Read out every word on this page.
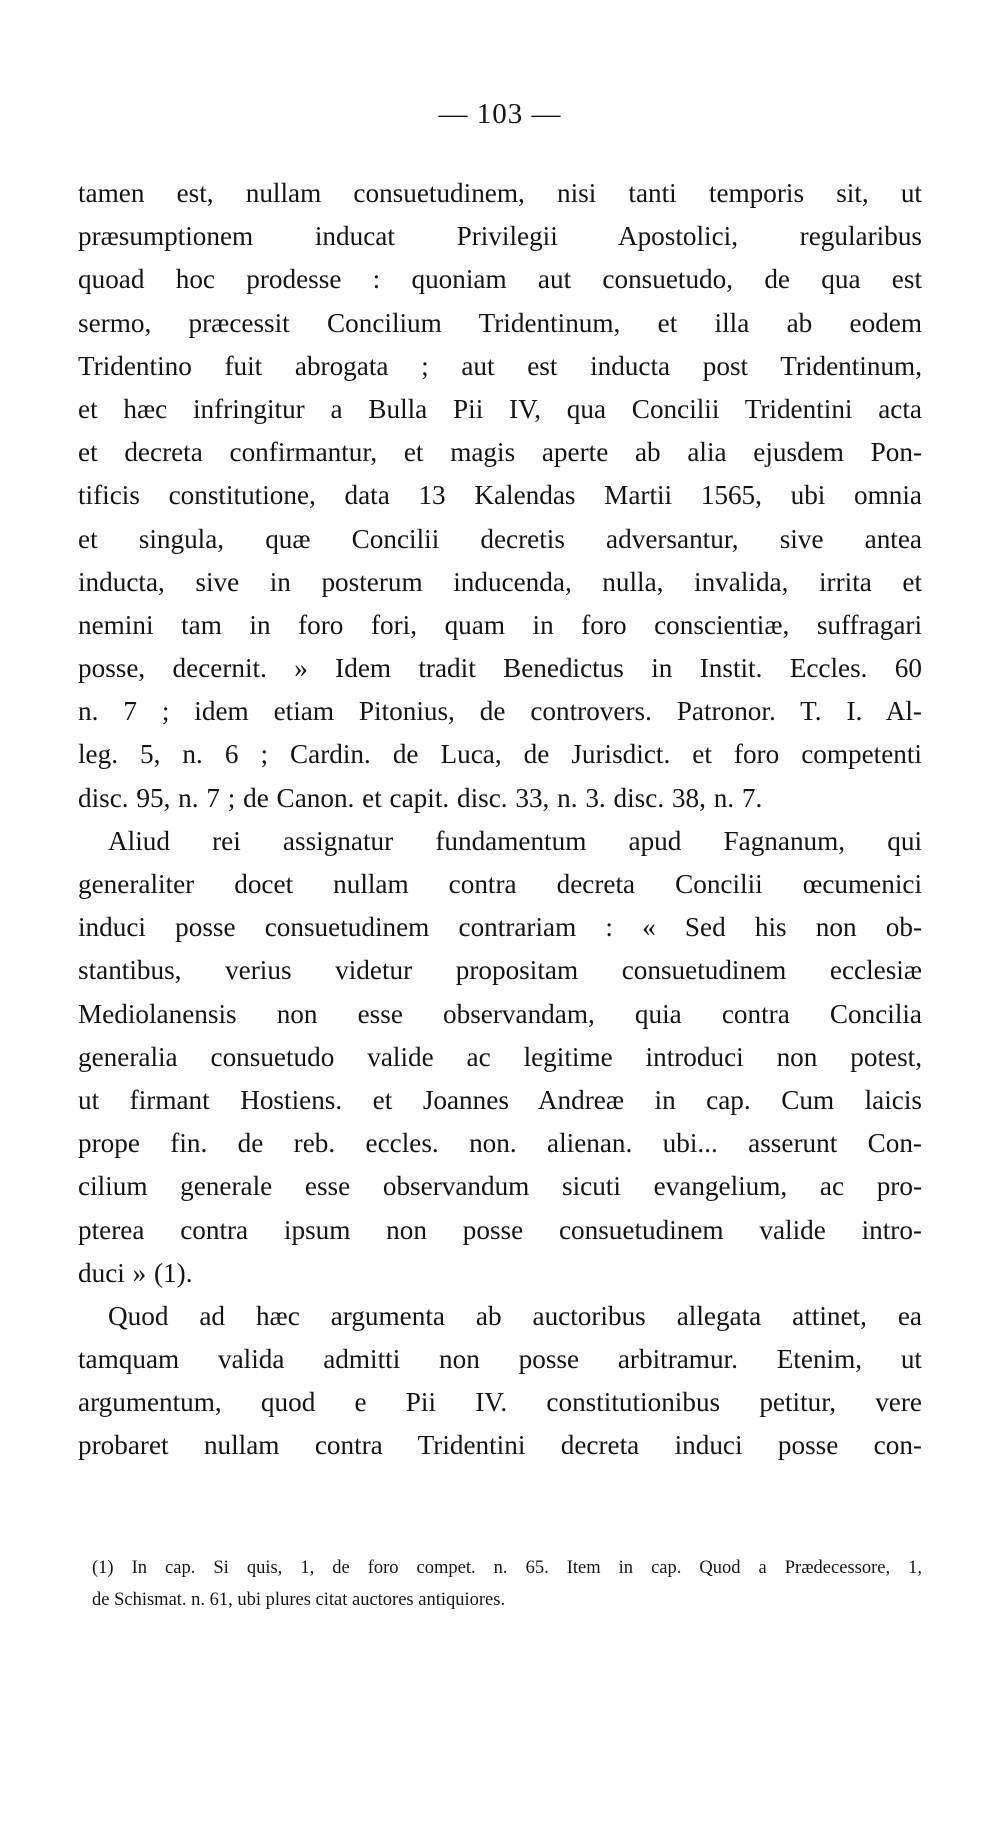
— 103 —
tamen est, nullam consuetudinem, nisi tanti temporis sit, ut
præsumptionem inducat Privilegii Apostolici, regularibus
quoad hoc prodesse : quoniam aut consuetudo, de qua est
sermo, præcessit Concilium Tridentinum, et illa ab eodem
Tridentino fuit abrogata ; aut est inducta post Tridentinum,
et hæc infringitur a Bulla Pii IV, qua Concilii Tridentini acta
et decreta confirmantur, et magis aperte ab alia ejusdem Pon-
tificis constitutione, data 13 Kalendas Martii 1565, ubi omnia
et singula, quæ Concilii decretis adversantur, sive antea
inducta, sive in posterum inducenda, nulla, invalida, irrita et
nemini tam in foro fori, quam in foro conscientiæ, suffragari
posse, decernit. » Idem tradit Benedictus in Instit. Eccles. 60
n. 7 ; idem etiam Pitonius, de controvers. Patronor. T. I. Al-
leg. 5, n. 6 ; Cardin. de Luca, de Jurisdict. et foro competenti
disc. 95, n. 7 ; de Canon. et capit. disc. 33, n. 3. disc. 38, n. 7.
Aliud rei assignatur fundamentum apud Fagnanum, qui
generaliter docet nullam contra decreta Concilii œcumenici
induci posse consuetudinem contrariam : « Sed his non ob-
stantibus, verius videtur propositam consuetudinem ecclesiæ
Mediolanensis non esse observandam, quia contra Concilia
generalia consuetudo valide ac legitime introduci non potest,
ut firmant Hostiens. et Joannes Andreæ in cap. Cum laicis
prope fin. de reb. eccles. non. alienan. ubi... asserunt Con-
cilium generale esse observandum sicuti evangelium, ac pro-
pterea contra ipsum non posse consuetudinem valide intro-
duci » (1).
Quod ad hæc argumenta ab auctoribus allegata attinet, ea
tamquam valida admitti non posse arbitramur. Etenim, ut
argumentum, quod e Pii IV. constitutionibus petitur, vere
probaret nullam contra Tridentini decreta induci posse con-
(1) In cap. Si quis, 1, de foro compet. n. 65. Item in cap. Quod a Prædecessore, 1,
de Schismat. n. 61, ubi plures citat auctores antiquiores.
